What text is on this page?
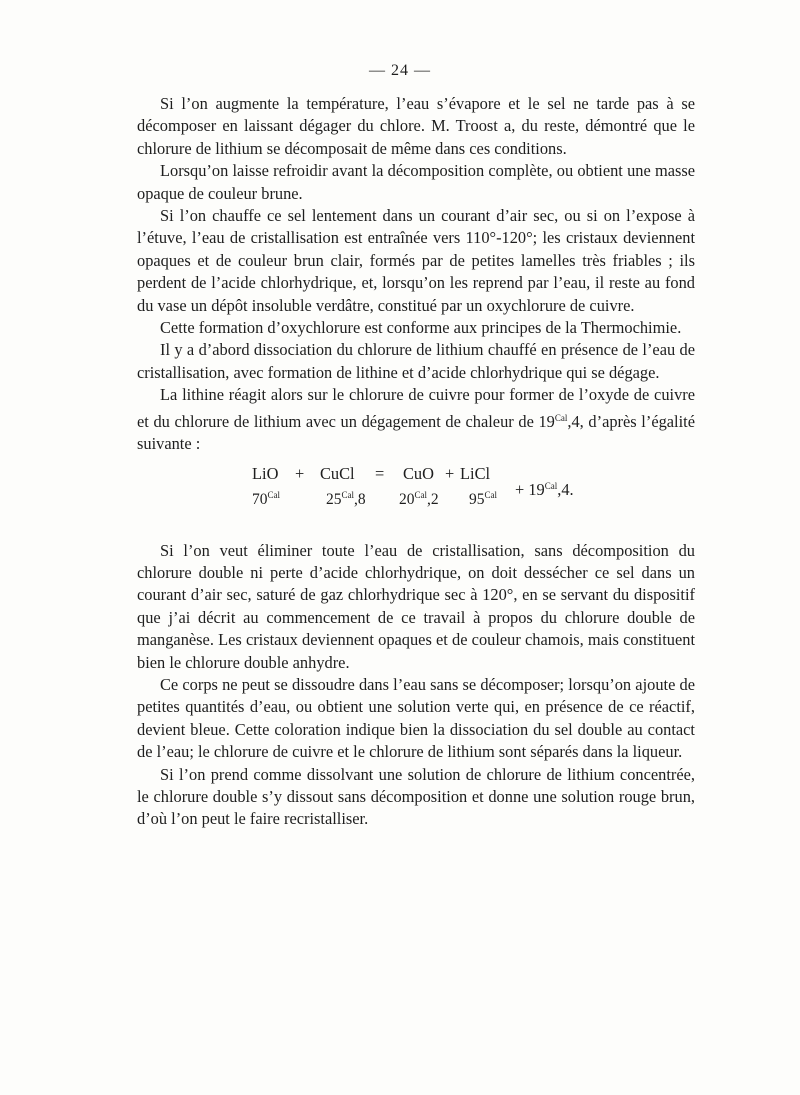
— 24 —

Si l’on augmente la température, l’eau s’évapore et le sel ne tarde pas à se décomposer en laissant dégager du chlore. M. Troost a, du reste, démontré que le chlorure de lithium se décomposait de même dans ces conditions.

Lorsqu’on laisse refroidir avant la décomposition complète, ou obtient une masse opaque de couleur brune.

Si l’on chauffe ce sel lentement dans un courant d’air sec, ou si on l’expose à l’étuve, l’eau de cristallisation est entraînée vers 110°-120°; les cristaux deviennent opaques et de couleur brun clair, formés par de petites lamelles très friables ; ils perdent de l’acide chlorhydrique, et, lorsqu’on les reprend par l’eau, il reste au fond du vase un dépôt insoluble verdâtre, constitué par un oxychlorure de cuivre.

Cette formation d’oxychlorure est conforme aux principes de la Thermochimie.

Il y a d’abord dissociation du chlorure de lithium chauffé en présence de l’eau de cristallisation, avec formation de lithine et d’acide chlorhydrique qui se dégage.

La lithine réagit alors sur le chlorure de cuivre pour former de l’oxyde de cuivre et du chlorure de lithium avec un dégagement de chaleur de $19^{Cal},4$, d’après l’égalité suivante :

LiO + CuCl = CuO + LiCl
$70^{Cal}$	$25^{Cal},8$ $20^{Cal},2$ $95^{Cal} + 19^{Cal},4$.

Si l’on veut éliminer toute l’eau de cristallisation, sans décomposition du chlorure double ni perte d’acide chlorhydrique, on doit dessécher ce sel dans un courant d’air sec, saturé de gaz chlorhydrique sec à 120°, en se servant du dispositif que j’ai décrit au commencement de ce travail à propos du chlorure double de manganèse. Les cristaux deviennent opaques et de couleur chamois, mais constituent bien le chlorure double anhydre.

Ce corps ne peut se dissoudre dans l’eau sans se décomposer; lorsqu’on ajoute de petites quantités d’eau, ou obtient une solution verte qui, en présence de ce réactif, devient bleue. Cette coloration indique bien la dissociation du sel double au contact de l’eau; le chlorure de cuivre et le chlorure de lithium sont séparés dans la liqueur.

Si l’on prend comme dissolvant une solution de chlorure de lithium concentrée, le chlorure double s’y dissout sans décomposition et donne une solution rouge brun, d’où l’on peut le faire recristalliser.
